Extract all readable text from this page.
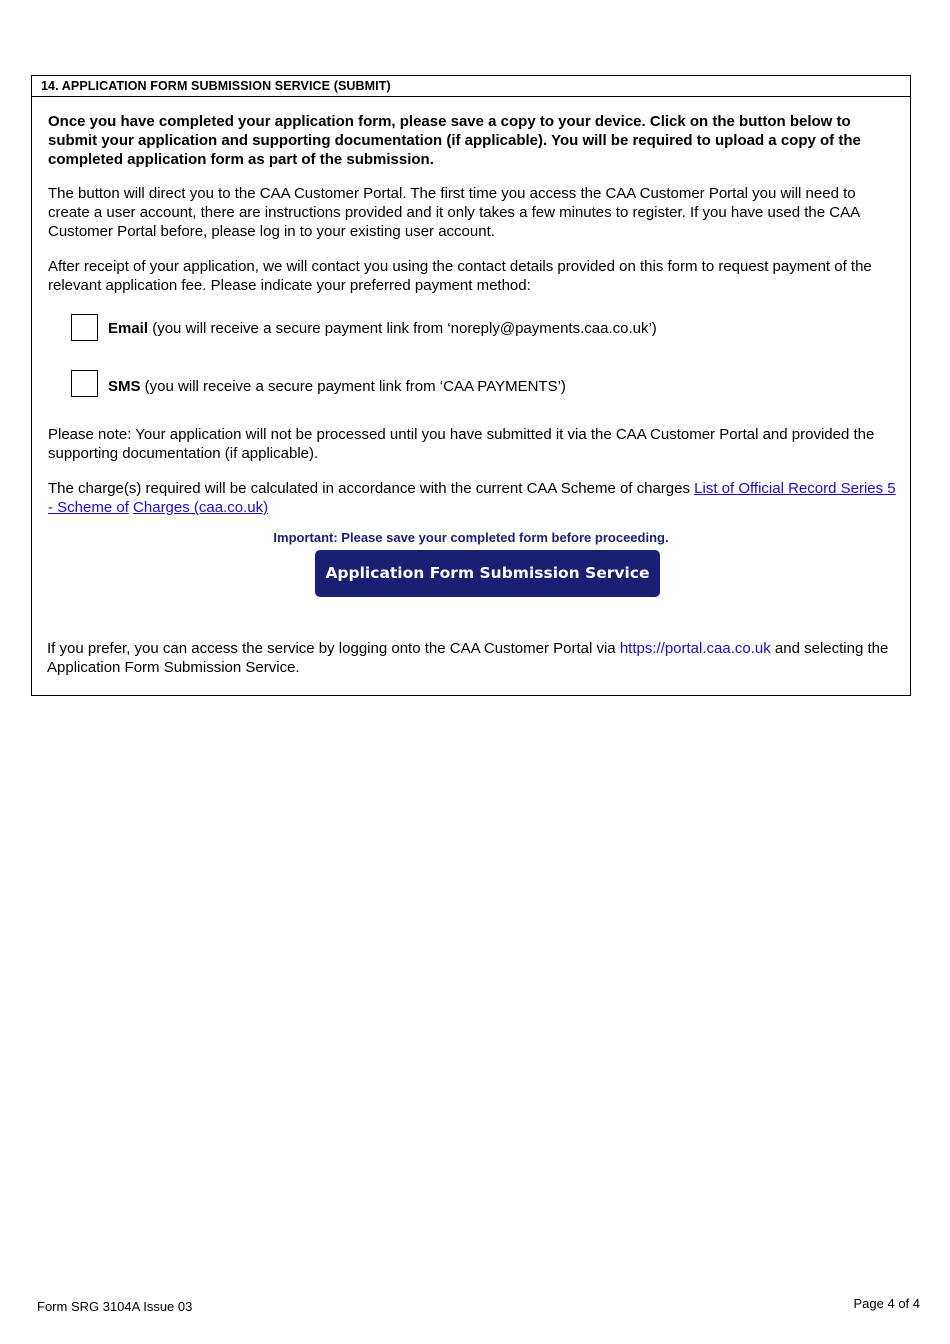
14. APPLICATION FORM SUBMISSION SERVICE (SUBMIT)

Once you have completed your application form, please save a copy to your device. Click on the button below to submit your application and supporting documentation (if applicable). You will be required to upload a copy of the completed application form as part of the submission.

The button will direct you to the CAA Customer Portal. The first time you access the CAA Customer Portal you will need to create a user account, there are instructions provided and it only takes a few minutes to register. If you have used the CAA Customer Portal before, please log in to your existing user account.

After receipt of your application, we will contact you using the contact details provided on this form to request payment of the relevant application fee. Please indicate your preferred payment method:

Email (you will receive a secure payment link from ‘noreply@payments.caa.co.uk’)
SMS (you will receive a secure payment link from ‘CAA PAYMENTS’)

Please note: Your application will not be processed until you have submitted it via the CAA Customer Portal and provided the supporting documentation (if applicable).

The charge(s) required will be calculated in accordance with the current CAA Scheme of charges List of Official Record Series 5 - Scheme of Charges (caa.co.uk)

Important: Please save your completed form before proceeding.
Application Form Submission Service

If you prefer, you can access the service by logging onto the CAA Customer Portal via https://portal.caa.co.uk and selecting the Application Form Submission Service.

Form SRG 3104A Issue 03	Page 4 of 4
